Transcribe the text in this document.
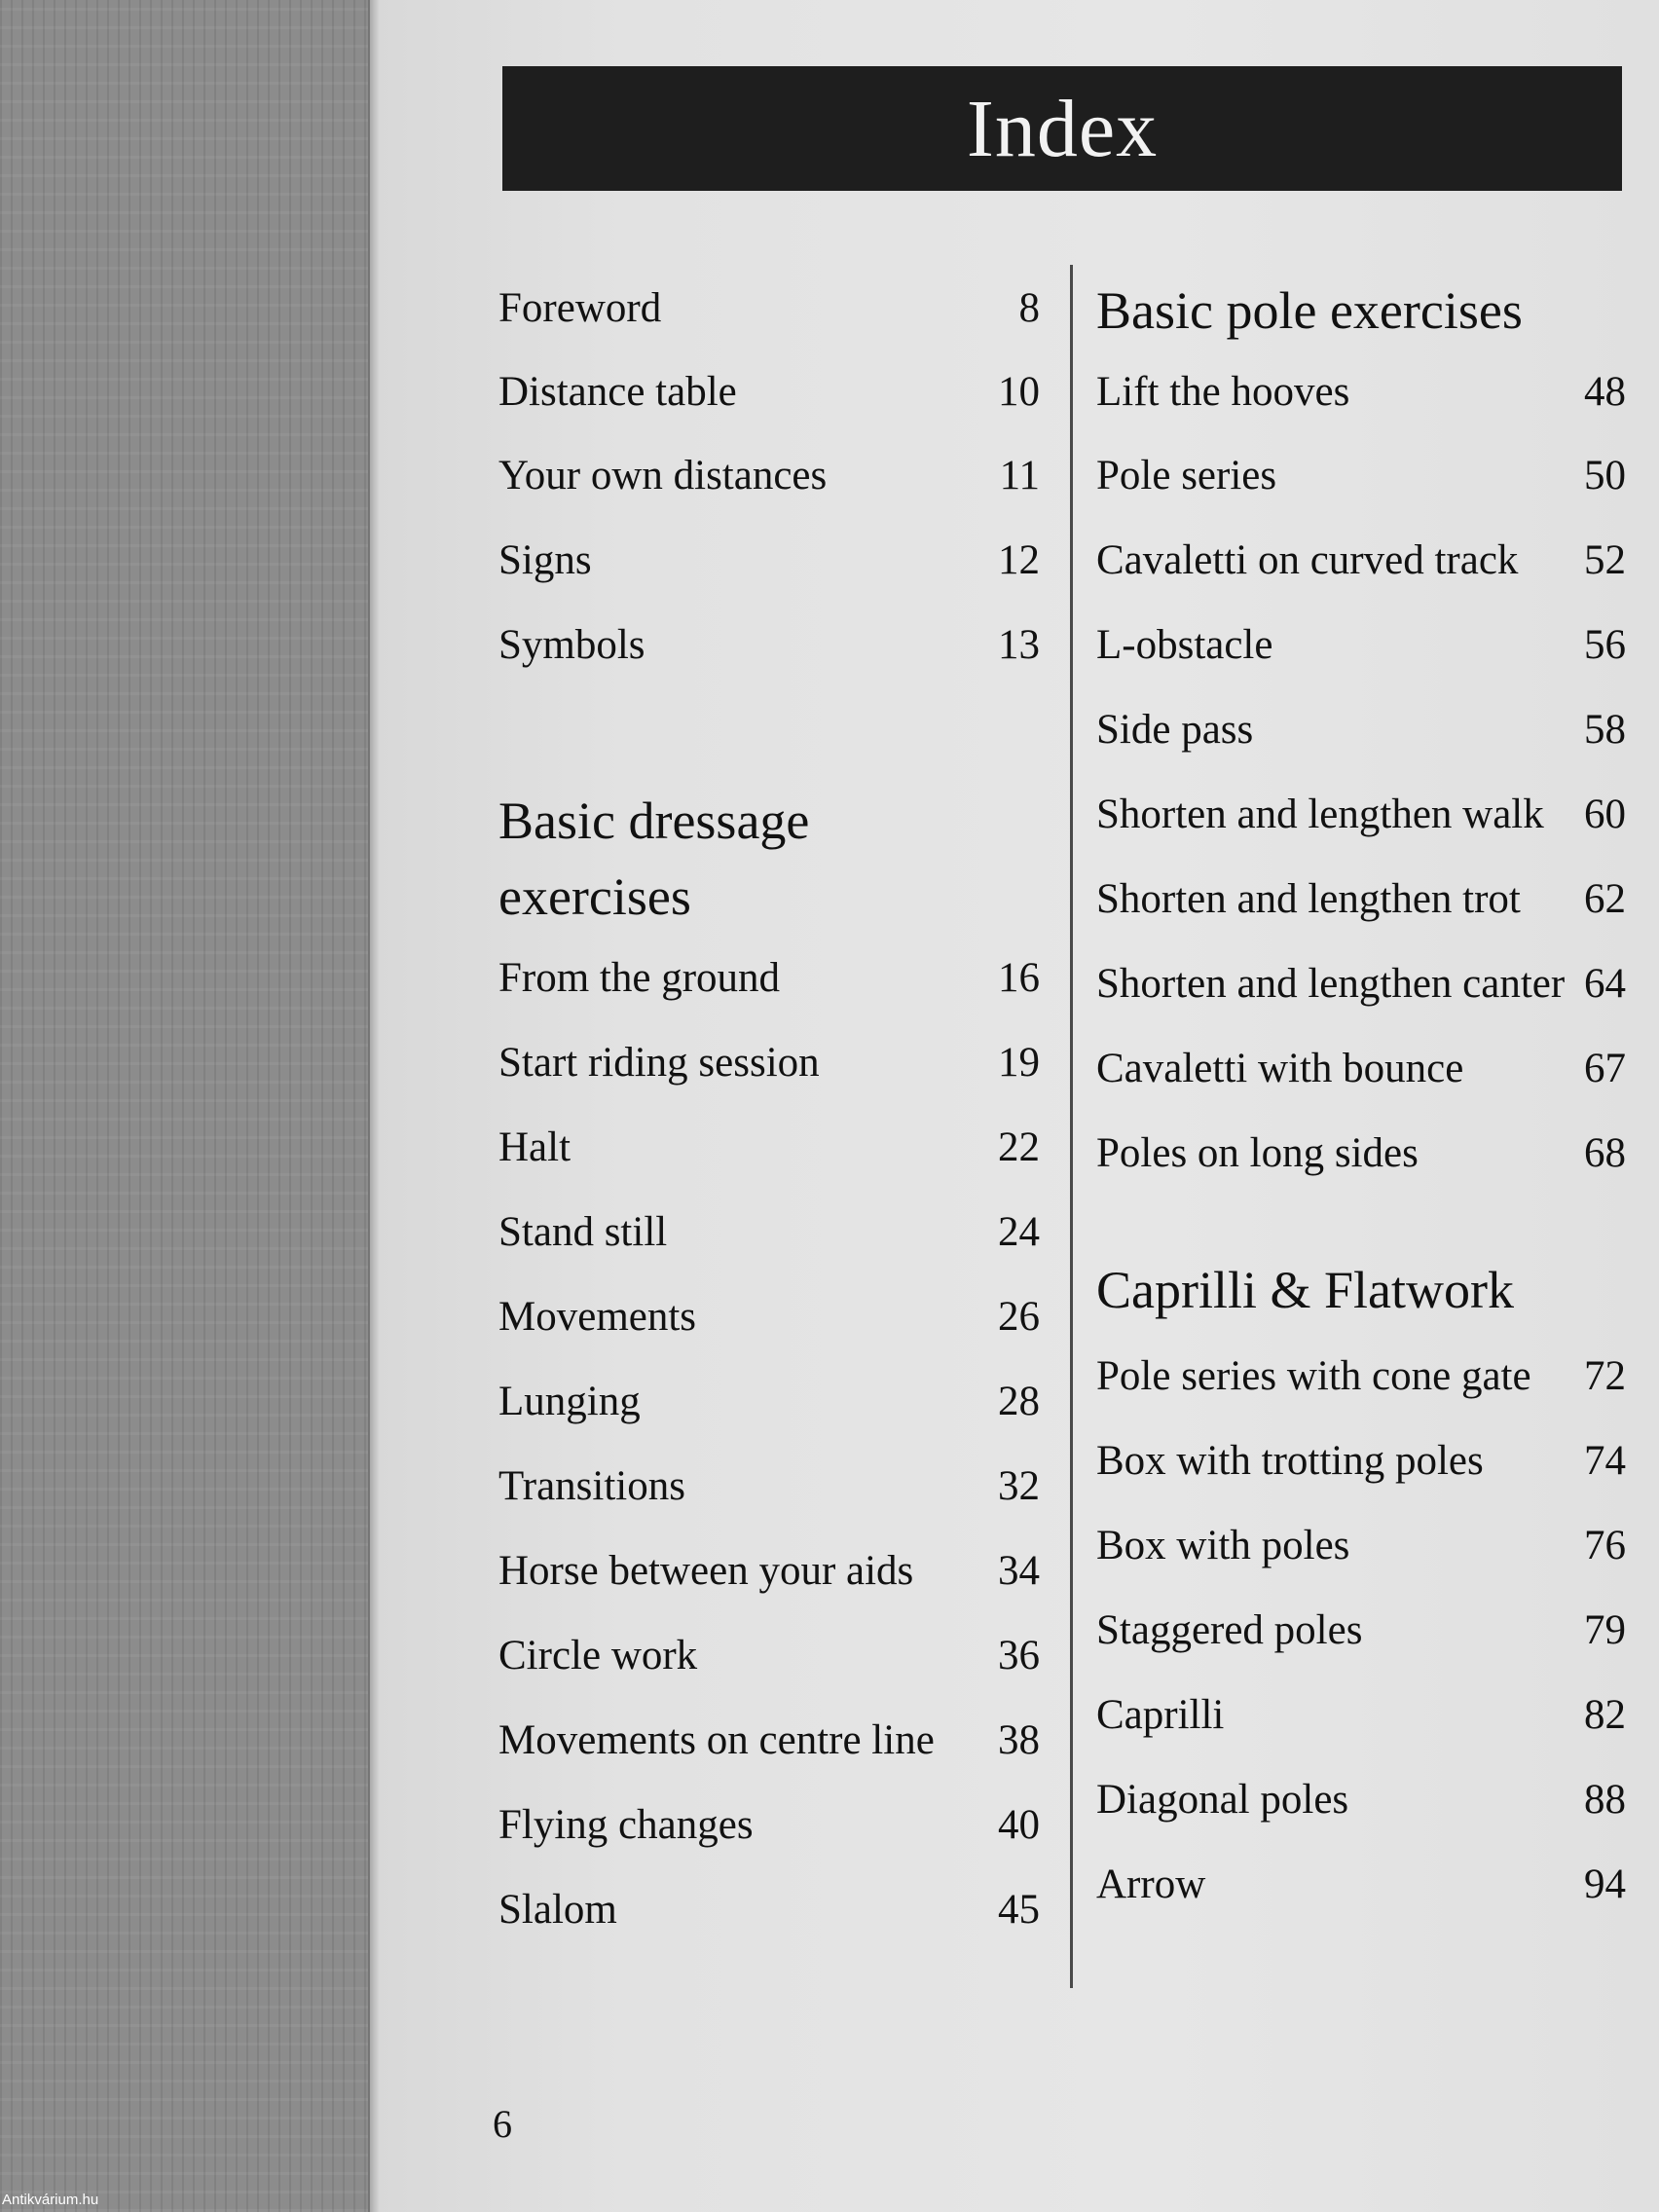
Index
Foreword	8
Distance table	10
Your own distances	11
Signs	12
Symbols	13
Basic dressage
exercises
From the ground	16
Start riding session	19
Halt	22
Stand still	24
Movements	26
Lunging	28
Transitions	32
Horse between your aids 34
Circle work	36
Movements on centre line 38
Flying changes	40
Slalom	45
Basic pole exercises
Lift the hooves	48
Pole series	50
Cavaletti on curved track 52
L-obstacle	56
Side pass	58
Shorten and lengthen walk 60
Shorten and lengthen trot 62
Shorten and lengthen canter 64
Cavaletti with bounce	67
Poles on long sides	68
Caprilli & Flatwork
Pole series with cone gate 72
Box with trotting poles 74
Box with poles	76
Staggered poles	79
Caprilli	82
Diagonal poles	88
Arrow	94
6
Antikvárium.hu
